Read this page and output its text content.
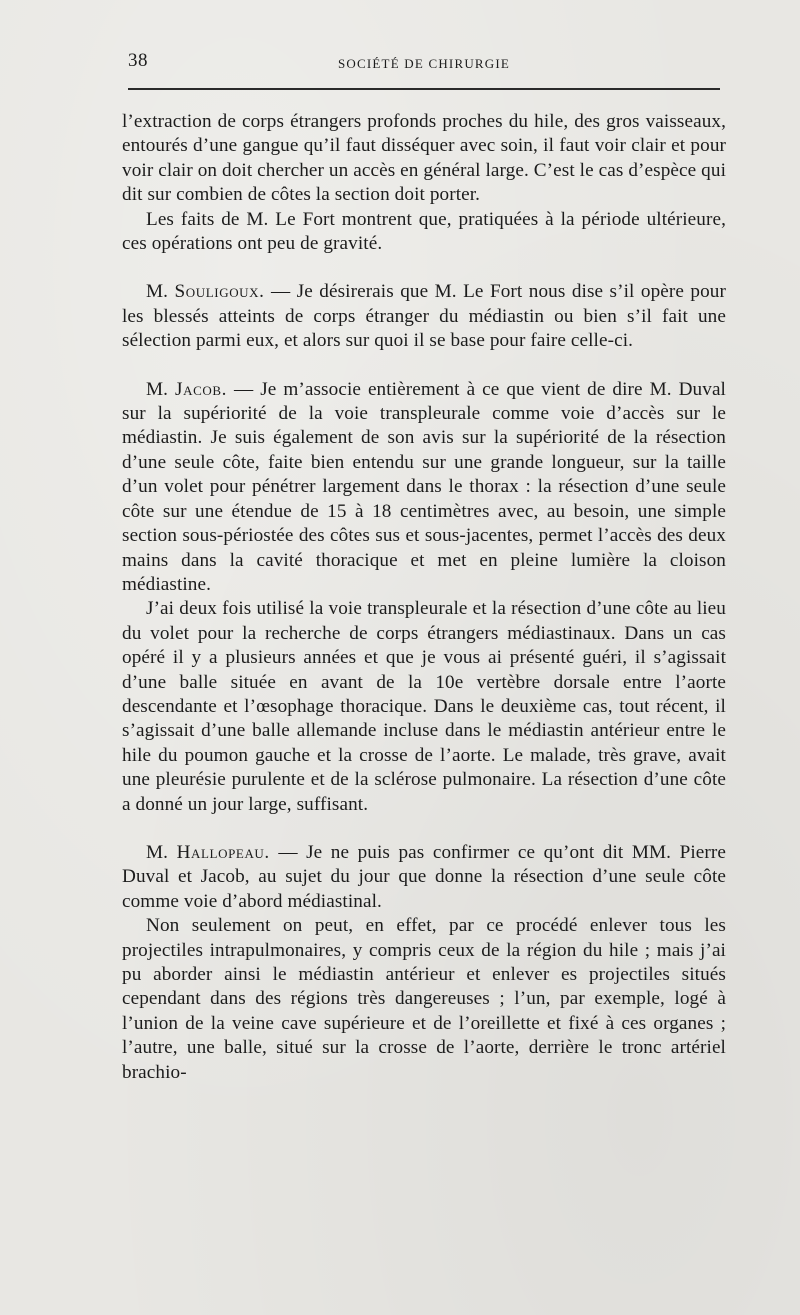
38	SOCIÉTÉ DE CHIRURGIE

l’extraction de corps étrangers profonds proches du hile, des gros vaisseaux, entourés d’une gangue qu’il faut disséquer avec soin, il faut voir clair et pour voir clair on doit chercher un accès en général large. C’est le cas d’espèce qui dit sur combien de côtes la section doit porter.

Les faits de M. Le Fort montrent que, pratiquées à la période ultérieure, ces opérations ont peu de gravité.

M. Souligoux. — Je désirerais que M. Le Fort nous dise s’il opère pour les blessés atteints de corps étranger du médiastin ou bien s’il fait une sélection parmi eux, et alors sur quoi il se base pour faire celle-ci.

M. Jacob. — Je m’associe entièrement à ce que vient de dire M. Duval sur la supériorité de la voie transpleurale comme voie d’accès sur le médiastin. Je suis également de son avis sur la supériorité de la résection d’une seule côte, faite bien entendu sur une grande longueur, sur la taille d’un volet pour pénétrer largement dans le thorax : la résection d’une seule côte sur une étendue de 15 à 18 centimètres avec, au besoin, une simple section sous-périostée des côtes sus et sous-jacentes, permet l’accès des deux mains dans la cavité thoracique et met en pleine lumière la cloison médiastine.

J’ai deux fois utilisé la voie transpleurale et la résection d’une côte au lieu du volet pour la recherche de corps étrangers médiastinaux. Dans un cas opéré il y a plusieurs années et que je vous ai présenté guéri, il s’agissait d’une balle située en avant de la 10e vertèbre dorsale entre l’aorte descendante et l’œsophage thoracique. Dans le deuxième cas, tout récent, il s’agissait d’une balle allemande incluse dans le médiastin antérieur entre le hile du poumon gauche et la crosse de l’aorte. Le malade, très grave, avait une pleurésie purulente et de la sclérose pulmonaire. La résection d’une côte a donné un jour large, suffisant.

M. Hallopeau. — Je ne puis pas confirmer ce qu’ont dit MM. Pierre Duval et Jacob, au sujet du jour que donne la résection d’une seule côte comme voie d’abord médiastinal.

Non seulement on peut, en effet, par ce procédé enlever tous les projectiles intrapulmonaires, y compris ceux de la région du hile ; mais j’ai pu aborder ainsi le médiastin antérieur et enlever es projectiles situés cependant dans des régions très dangereuses ; l’un, par exemple, logé à l’union de la veine cave supérieure et de l’oreillette et fixé à ces organes ; l’autre, une balle, situé sur la crosse de l’aorte, derrière le tronc artériel brachio-
